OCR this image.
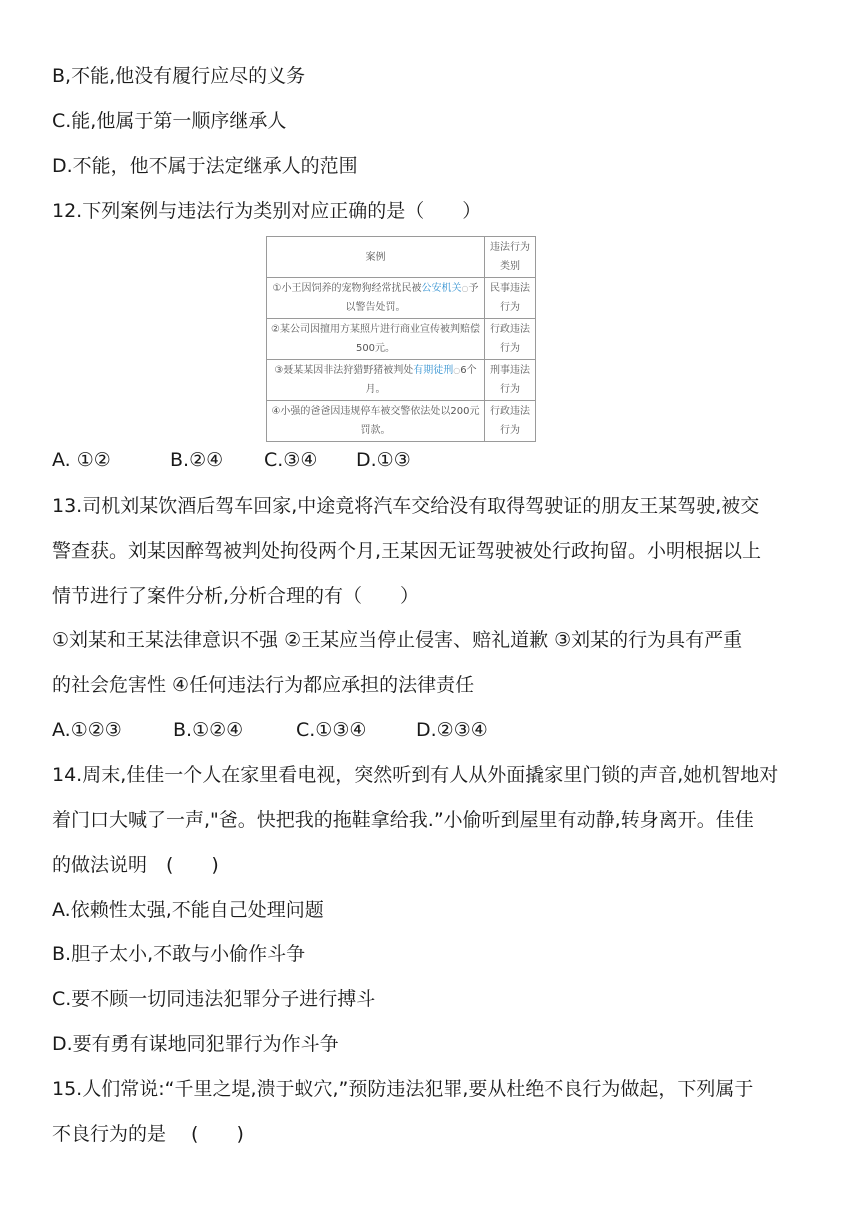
B,不能,他没有履行应尽的义务
C.能,他属于第一顺序继承人
D.不能，他不属于法定继承人的范围
12.下列案例与违法行为类别对应正确的是（　　）
案例	违法行为类别
①小王因饲养的宠物狗经常扰民被公安机关○予以警告处罚。	民事违法行为
②某公司因擅用方某照片进行商业宣传被判赔偿500元。	行政违法行为
③聂某某因非法狩猎野猪被判处有期徒刑○6个月。	刑事违法行为
④小强的爸爸因违规停车被交警依法处以200元罚款。	行政违法行为
A. ①②	B.②④ C.③④ D.①③
13.司机刘某饮酒后驾车回家,中途竟将汽车交给没有取得驾驶证的朋友王某驾驶,被交
警查获。刘某因醉驾被判处拘役两个月,王某因无证驾驶被处行政拘留。小明根据以上
情节进行了案件分析,分析合理的有（　　）
①刘某和王某法律意识不强 ②王某应当停止侵害、赔礼道歉 ③刘某的行为具有严重
的社会危害性 ④任何违法行为都应承担的法律责任
A.①②③	B.①②④	C.①③④	D.②③④
14.周末,佳佳一个人在家里看电视，突然听到有人从外面撬家里门锁的声音,她机智地对
着门口大喊了一声,"爸。快把我的拖鞋拿给我.”小偷听到屋里有动静,转身离开。佳佳
的做法说明　(　　)
A.依赖性太强,不能自己处理问题
B.胆子太小,不敢与小偷作斗争
C.要不顾一切同违法犯罪分子进行搏斗
D.要有勇有谋地同犯罪行为作斗争
15.人们常说:“千里之堤,溃于蚁穴,”预防违法犯罪,要从杜绝不良行为做起，下列属于
不良行为的是　 (　　)
